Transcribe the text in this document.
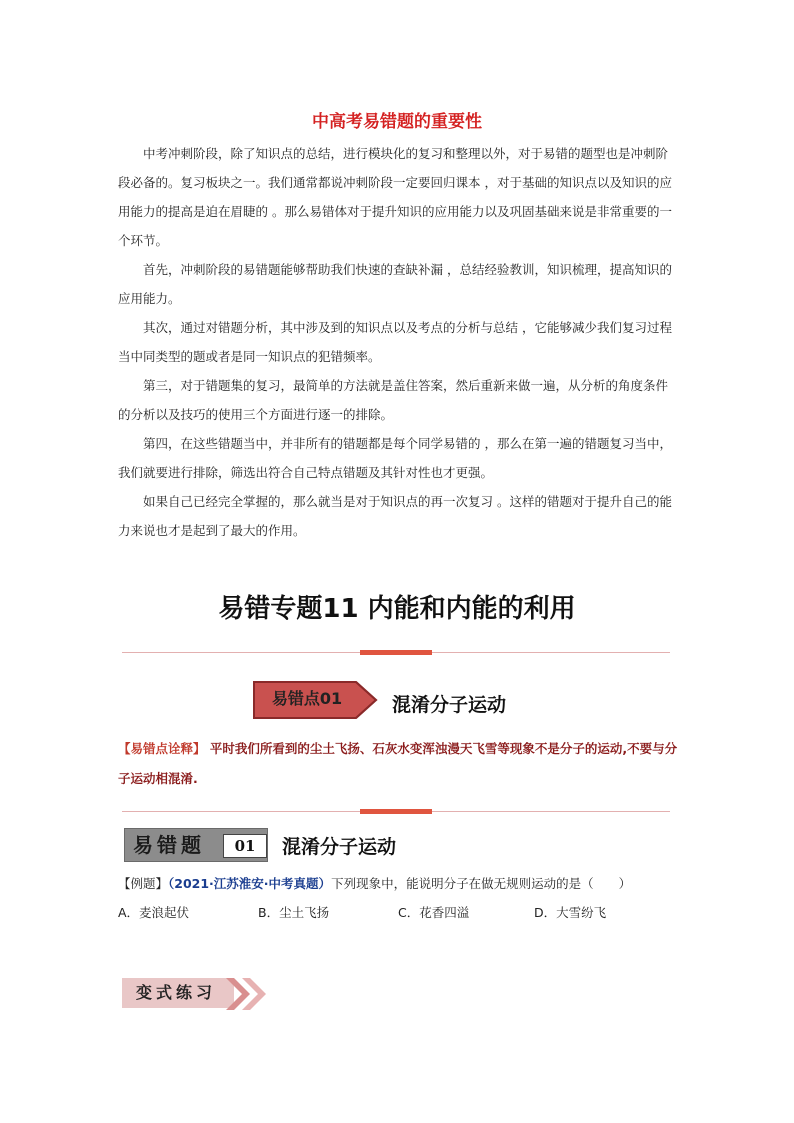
中高考易错题的重要性

中考冲刺阶段，除了知识点的总结，进行模块化的复习和整理以外，对于易错的题型也是冲刺阶段必备的。复习板块之一。我们通常都说冲刺阶段一定要回归课本 ，对于基础的知识点以及知识的应用能力的提高是迫在眉睫的 。那么易错体对于提升知识的应用能力以及巩固基础来说是非常重要的一个环节。

首先，冲刺阶段的易错题能够帮助我们快速的查缺补漏 ，总结经验教训，知识梳理，提高知识的应用能力。

其次，通过对错题分析，其中涉及到的知识点以及考点的分析与总结 ，它能够减少我们复习过程当中同类型的题或者是同一知识点的犯错频率。

第三，对于错题集的复习，最简单的方法就是盖住答案，然后重新来做一遍，从分析的角度条件的分析以及技巧的使用三个方面进行逐一的排除。

第四，在这些错题当中，并非所有的错题都是每个同学易错的 ，那么在第一遍的错题复习当中，我们就要进行排除，筛选出符合自己特点错题及其针对性也才更强。

如果自己已经完全掌握的，那么就当是对于知识点的再一次复习 。这样的错题对于提升自己的能力来说也才是起到了最大的作用。

易错专题11 内能和内能的利用
易错点01	混淆分子运动
【易错点诠释】 平时我们所看到的尘土飞扬、石灰水变浑浊漫天飞雪等现象不是分子的运动,不要与分子运动相混淆.
易错题	01	混淆分子运动
【例题】（2021·江苏淮安·中考真题）下列现象中，能说明分子在做无规则运动的是（　　）
A．麦浪起伏	B．尘土飞扬	C．花香四溢	D．大雪纷飞
变式练习
